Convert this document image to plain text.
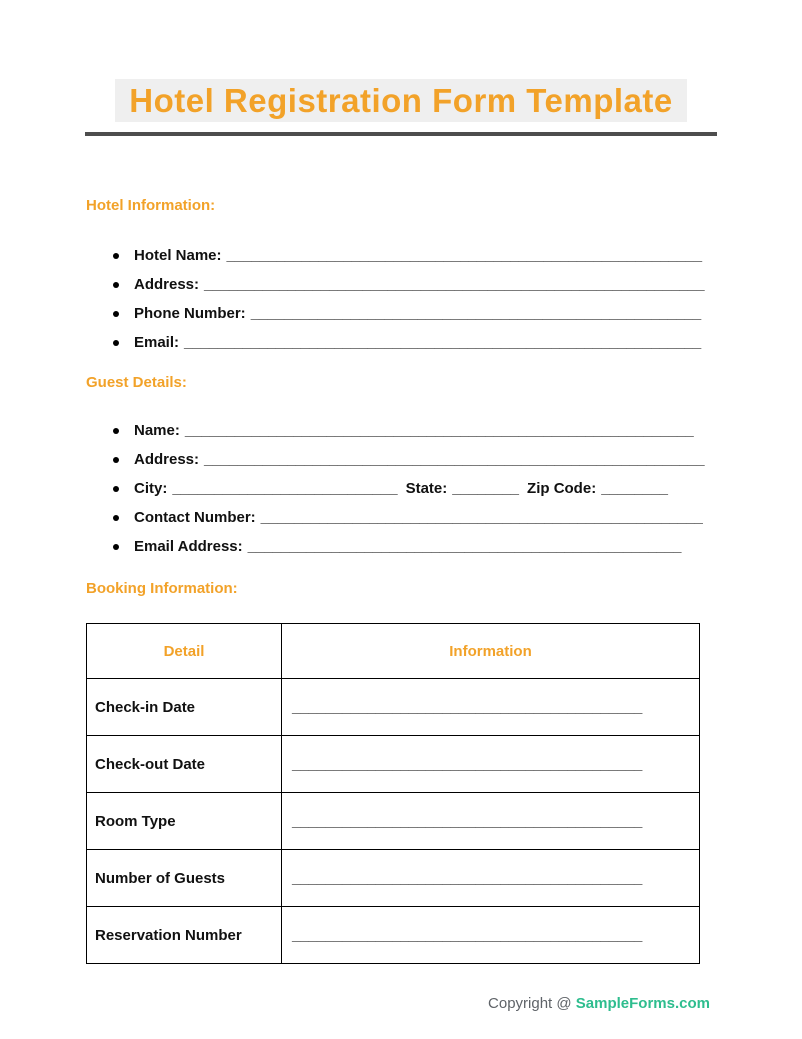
Hotel Registration Form Template
Hotel Information:
Hotel Name: _________________________________________________________
Address: ____________________________________________________________
Phone Number: ______________________________________________________
Email: ______________________________________________________________
Guest Details:
Name: _____________________________________________________________
Address: ____________________________________________________________
City: ___________________________ State: ________ Zip Code: ________
Contact Number: _____________________________________________________
Email Address: ____________________________________________________
Booking Information:
Detail	Information
Check-in Date	__________________________________________
Check-out Date	__________________________________________
Room Type	__________________________________________
Number of Guests	__________________________________________
Reservation Number	__________________________________________
Copyright @ SampleForms.com
